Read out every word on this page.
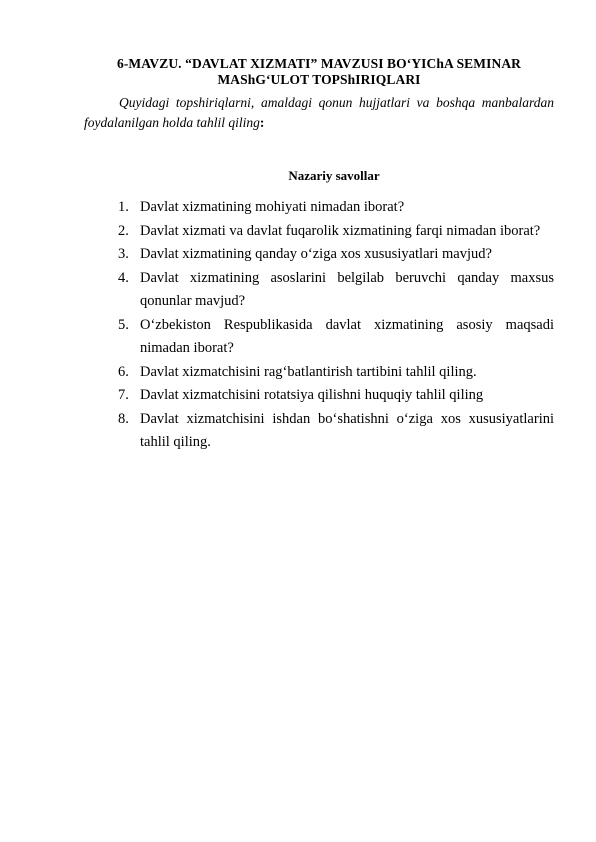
6-MAVZU. “DAVLAT XIZMATI” MAVZUSI BO‘YIChA SEMINAR
MAShG‘ULOT TOPShIRIQLARI
Quyidagi topshiriqlarni, amaldagi qonun hujjatlari va boshqa manbalardan foydalanilgan holda tahlil qiling:
Nazariy savollar
1. Davlat xizmatining mohiyati nimadan iborat?
2. Davlat xizmati va davlat fuqarolik xizmatining farqi nimadan iborat?
3. Davlat xizmatining qanday o‘ziga xos xususiyatlari mavjud?
4. Davlat xizmatining asoslarini belgilab beruvchi qanday maxsus qonunlar mavjud?
5. O‘zbekiston Respublikasida davlat xizmatining asosiy maqsadi nimadan iborat?
6. Davlat xizmatchisini rag‘batlantirish tartibini tahlil qiling.
7. Davlat xizmatchisini rotatsiya qilishni huquqiy tahlil qiling
8. Davlat xizmatchisini ishdan bo‘shatishni o‘ziga xos xususiyatlarini tahlil qiling.
